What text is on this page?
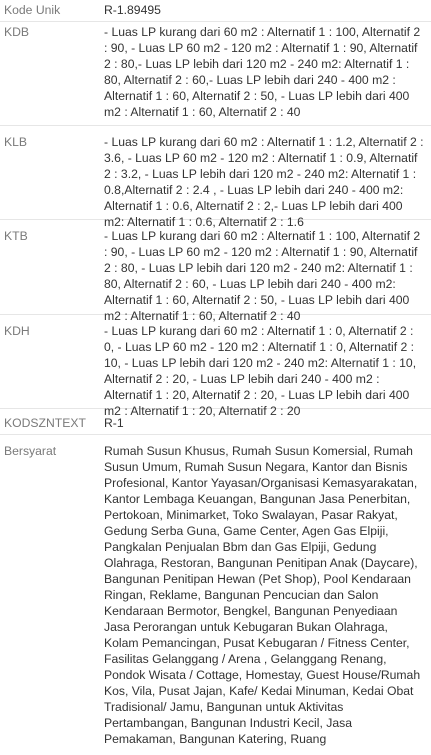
Kode Unik	R-1.89495
KDB	- Luas LP kurang dari 60 m2 : Alternatif 1 : 100, Alternatif 2 : 90, - Luas LP 60 m2 - 120 m2 : Alternatif 1 : 90, Alternatif 2 : 80,- Luas LP lebih dari 120 m2 - 240 m2: Alternatif 1 : 80, Alternatif 2 : 60,- Luas LP lebih dari 240 - 400 m2 : Alternatif 1 : 60, Alternatif 2 : 50, - Luas LP lebih dari 400 m2 : Alternatif 1 : 60, Alternatif 2 : 40
KLB	- Luas LP kurang dari 60 m2 : Alternatif 1 : 1.2, Alternatif 2 : 3.6, - Luas LP 60 m2 - 120 m2 : Alternatif 1 : 0.9, Alternatif 2 : 3.2, - Luas LP lebih dari 120 m2 - 240 m2: Alternatif 1 : 0.8,Alternatif 2 : 2.4 , - Luas LP lebih dari 240 - 400 m2: Alternatif 1 : 0.6, Alternatif 2 : 2,- Luas LP lebih dari 400 m2: Alternatif 1 : 0.6, Alternatif 2 : 1.6
KTB	- Luas LP kurang dari 60 m2 : Alternatif 1 : 100, Alternatif 2 : 90, - Luas LP 60 m2 - 120 m2 : Alternatif 1 : 90, Alternatif 2 : 80, - Luas LP lebih dari 120 m2 - 240 m2: Alternatif 1 : 80, Alternatif 2 : 60, - Luas LP lebih dari 240 - 400 m2: Alternatif 1 : 60, Alternatif 2 : 50, - Luas LP lebih dari 400 m2 : Alternatif 1 : 60, Alternatif 2 : 40
KDH	- Luas LP kurang dari 60 m2 : Alternatif 1 : 0, Alternatif 2 : 0, - Luas LP 60 m2 - 120 m2 : Alternatif 1 : 0, Alternatif 2 : 10, - Luas LP lebih dari 120 m2 - 240 m2: Alternatif 1 : 10, Alternatif 2 : 20, - Luas LP lebih dari 240 - 400 m2 : Alternatif 1 : 20, Alternatif 2 : 20, - Luas LP lebih dari 400 m2 : Alternatif 1 : 20, Alternatif 2 : 20
KODSZNTEXT	R-1
Bersyarat	Rumah Susun Khusus, Rumah Susun Komersial, Rumah Susun Umum, Rumah Susun Negara, Kantor dan Bisnis Profesional, Kantor Yayasan/Organisasi Kemasyarakatan, Kantor Lembaga Keuangan, Bangunan Jasa Penerbitan, Pertokoan, Minimarket, Toko Swalayan, Pasar Rakyat, Gedung Serba Guna, Game Center, Agen Gas Elpiji, Pangkalan Penjualan Bbm dan Gas Elpiji, Gedung Olahraga, Restoran, Bangunan Penitipan Anak (Daycare), Bangunan Penitipan Hewan (Pet Shop), Pool Kendaraan Ringan, Reklame, Bangunan Pencucian dan Salon Kendaraan Bermotor, Bengkel, Bangunan Penyediaan Jasa Perorangan untuk Kebugaran Bukan Olahraga, Kolam Pemancingan, Pusat Kebugaran / Fitness Center, Fasilitas Gelanggang / Arena , Gelanggang Renang, Pondok Wisata / Cottage, Homestay, Guest House/Rumah Kos, Vila, Pusat Jajan, Kafe/ Kedai Minuman, Kedai Obat Tradisional/ Jamu, Bangunan untuk Aktivitas Pertambangan, Bangunan Industri Kecil, Jasa Pemakaman, Bangunan Katering, Ruang
